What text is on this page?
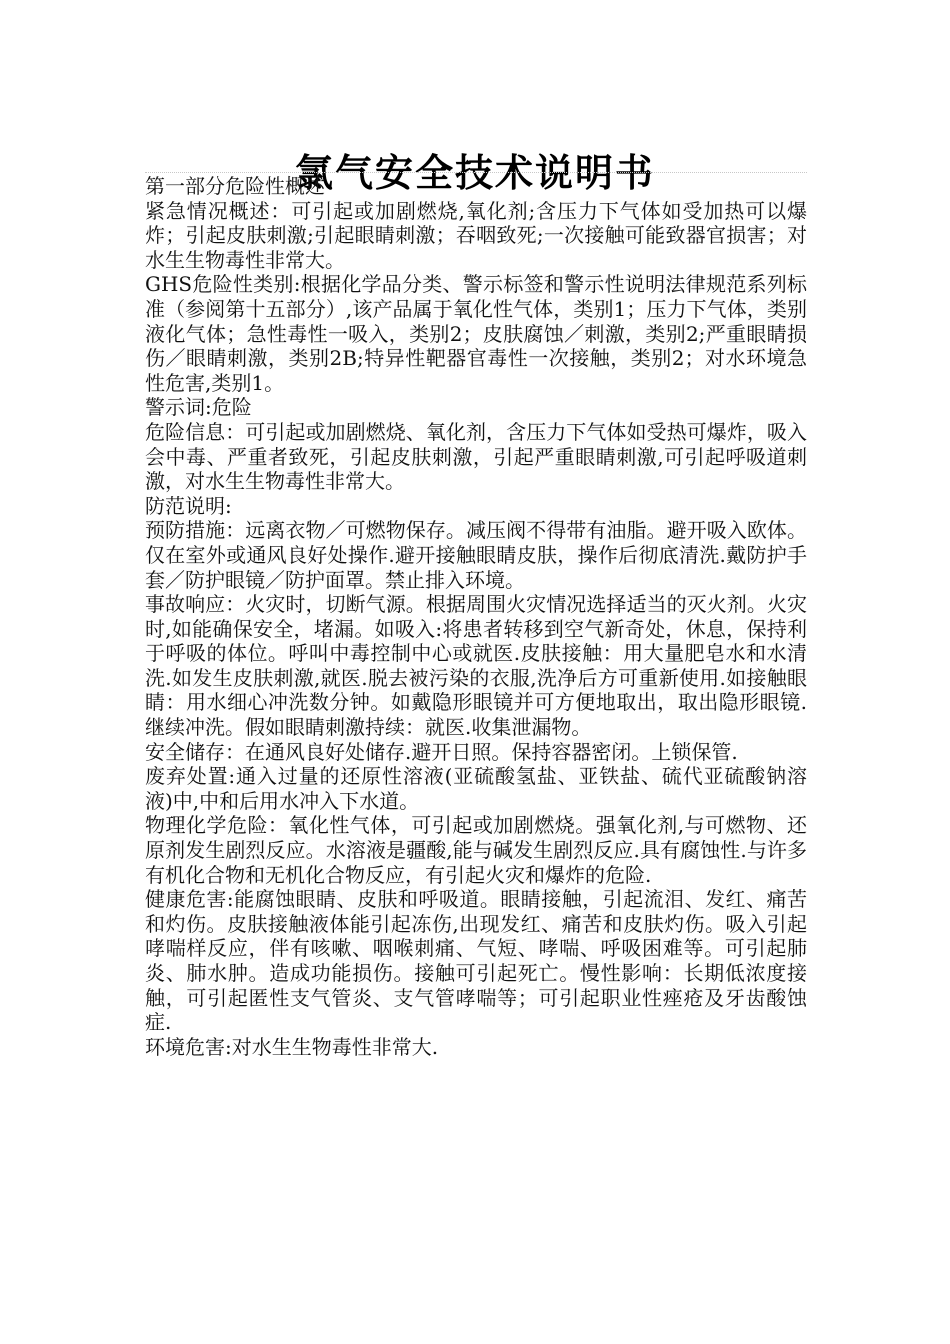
氯气安全技术说明书

第一部分危险性概述

紧急情况概述：可引起或加剧燃烧,氧化剂;含压力下气体如受加热可以爆炸；引起皮肤刺激;引起眼睛刺激；吞咽致死;一次接触可能致器官损害；对水生生物毒性非常大。

GHS危险性类别:根据化学品分类、警示标签和警示性说明法律规范系列标准（参阅第十五部分）,该产品属于氧化性气体，类别1；压力下气体，类别液化气体；急性毒性一吸入，类别2；皮肤腐蚀／刺激，类别2;严重眼睛损伤／眼睛刺激，类别2B;特异性靶器官毒性一次接触，类别2；对水环境急性危害,类别1。

警示词:危险

危险信息：可引起或加剧燃烧、氧化剂，含压力下气体如受热可爆炸，吸入　　　会中毒、严重者致死，引起皮肤刺激，引起严重眼睛刺激,可引起呼吸道刺激，对水生生物毒性非常大。

防范说明:

预防措施：远离衣物／可燃物保存。减压阀不得带有油脂。避开吸入欧体。仅在室外或通风良好处操作.避开接触眼睛皮肤，操作后彻底清洗.戴防护手套／防护眼镜／防护面罩。禁止排入环境。

事故响应：火灾时，切断气源。根据周围火灾情况选择适当的灭火剂。火灾时,如能确保安全，堵漏。如吸入:将患者转移到空气新奇处，休息，保持利于呼吸的体位。呼叫中毒控制中心或就医.皮肤接触：用大量肥皂水和水清洗.如发生皮肤刺激,就医.脱去被污染的衣服,洗净后方可重新使用.如接触眼睛：用水细心冲洗数分钟。如戴隐形眼镜并可方便地取出，取出隐形眼镜.继续冲洗。假如眼睛刺激持续：就医.收集泄漏物。

安全储存：在通风良好处储存.避开日照。保持容器密闭。上锁保管.

废弃处置:通入过量的还原性溶液(亚硫酸氢盐、亚铁盐、硫代亚硫酸钠溶液)中,中和后用水冲入下水道。

物理化学危险：氧化性气体，可引起或加剧燃烧。强氧化剂,与可燃物、还原剂发生剧烈反应。水溶液是疆酸,能与碱发生剧烈反应.具有腐蚀性.与许多有机化合物和无机化合物反应，有引起火灾和爆炸的危险.

健康危害:能腐蚀眼睛、皮肤和呼吸道。眼睛接触，引起流泪、发红、痛苦和灼伤。皮肤接触液体能引起冻伤,出现发红、痛苦和皮肤灼伤。吸入引起哮喘样反应，伴有咳嗽、咽喉刺痛、气短、哮喘、呼吸困难等。可引起肺炎、肺水肿。造成功能损伤。接触可引起死亡。慢性影响：长期低浓度接触，可引起匿性支气管炎、支气管哮喘等；可引起职业性痤疮及牙齿酸蚀症.

环境危害:对水生生物毒性非常大.
